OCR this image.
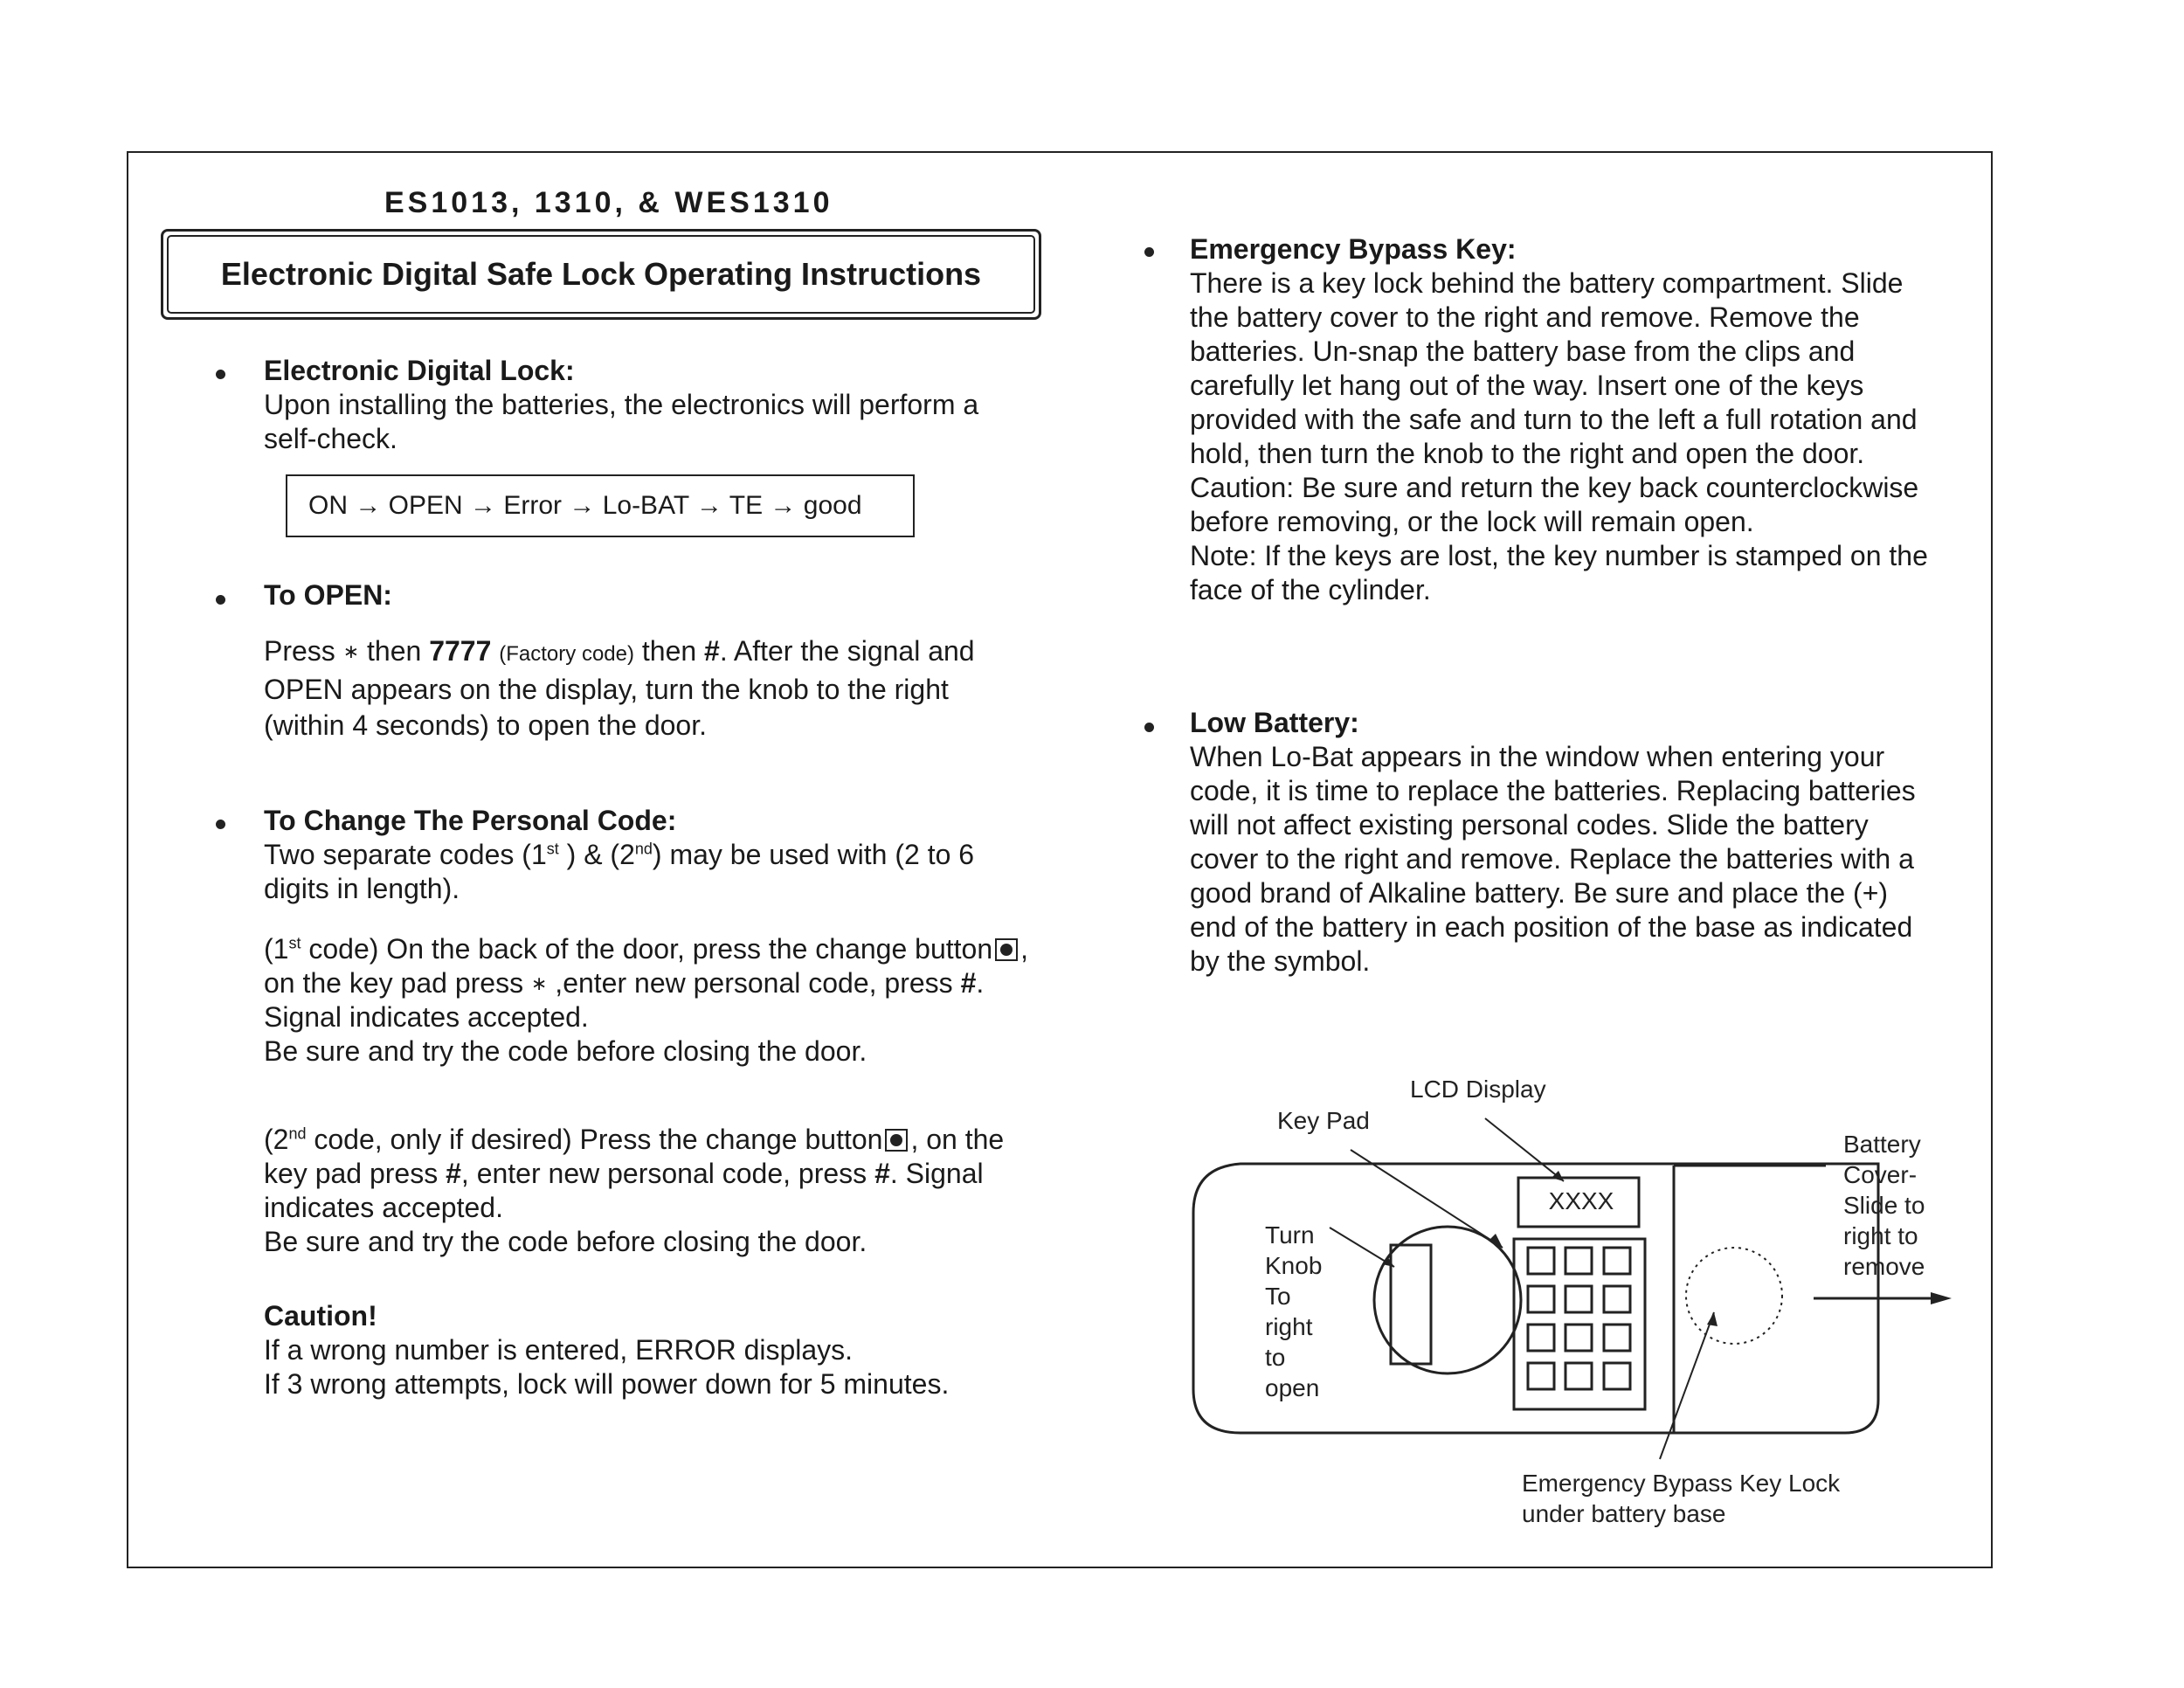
ES1013, 1310, & WES1310
Electronic Digital Safe Lock Operating Instructions
Electronic Digital Lock:
Upon installing the batteries, the electronics will perform a self-check.
ON → OPEN → Error → Lo-BAT → TE → good
To OPEN:
Press ∗ then 7777 (Factory code) then #. After the signal and OPEN appears on the display, turn the knob to the right (within 4 seconds) to open the door.
To Change The Personal Code:
Two separate codes (1st ) & (2nd) may be used with (2 to 6 digits in length).
(1st code) On the back of the door, press the change button , on the key pad press ∗ ,enter new personal code, press #. Signal indicates accepted.
Be sure and try the code before closing the door.
(2nd code, only if desired) Press the change button , on the key pad press #, enter new personal code, press #. Signal indicates accepted.
Be sure and try the code before closing the door.
Caution!
If a wrong number is entered, ERROR displays.
If 3 wrong attempts, lock will power down for 5 minutes.
Emergency Bypass Key:
There is a key lock behind the battery compartment. Slide the battery cover to the right and remove. Remove the batteries. Un-snap the battery base from the clips and carefully let hang out of the way. Insert one of the keys provided with the safe and turn to the left a full rotation and hold, then turn the knob to the right and open the door.
Caution: Be sure and return the key back counterclockwise before removing, or the lock will remain open.
Note: If the keys are lost, the key number is stamped on the face of the cylinder.
Low Battery:
When Lo-Bat appears in the window when entering your code, it is time to replace the batteries. Replacing batteries will not affect existing personal codes. Slide the battery cover to the right and remove. Replace the batteries with a good brand of Alkaline battery. Be sure and place the (+) end of the battery in each position of the base as indicated by the symbol.
LCD Display
Key Pad
XXXX
Turn
Knob
To
right
to
open
Battery
Cover-
Slide to
right to
remove
Emergency Bypass Key Lock
under battery base
